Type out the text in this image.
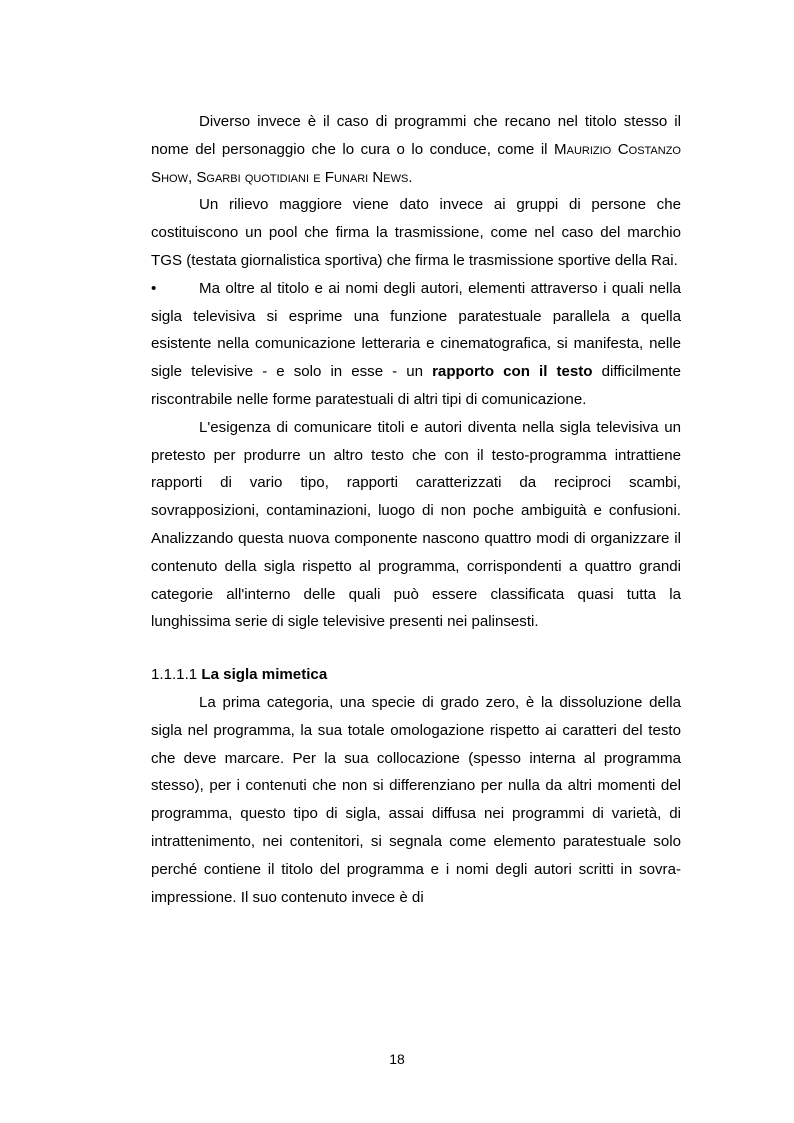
Diverso invece è il caso di programmi che recano nel titolo stesso il nome del personaggio che lo cura o lo conduce, come il Maurizio Costanzo Show, Sgarbi quotidiani e Funari News.

Un rilievo maggiore viene dato invece ai gruppi di persone che costituiscono un pool che firma la trasmissione, come nel caso del marchio TGS (testata giornalistica sportiva) che firma le trasmissione sportive della Rai.

•	Ma oltre al titolo e ai nomi degli autori, elementi attraverso i quali nella sigla televisiva si esprime una funzione paratestuale parallela a quella esistente nella comunicazione letteraria e cinematografica, si manifesta, nelle sigle televisive - e solo in esse - un rapporto con il testo difficilmente riscontrabile nelle forme paratestuali di altri tipi di comunicazione.

L'esigenza di comunicare titoli e autori diventa nella sigla televisiva un pretesto per produrre un altro testo che con il testo-programma intrattiene rapporti di vario tipo, rapporti caratterizzati da reciproci scambi, sovrapposizioni, contaminazioni, luogo di non poche ambiguità e confusioni. Analizzando questa nuova componente nascono quattro modi di organizzare il contenuto della sigla rispetto al programma, corrispondenti a quattro grandi categorie all'interno delle quali può essere classificata quasi tutta la lunghissima serie di sigle televisive presenti nei palinsesti.

1.1.1.1 La sigla mimetica

La prima categoria, una specie di grado zero, è la dissoluzione della sigla nel programma, la sua totale omologazione rispetto ai caratteri del testo che deve marcare. Per la sua collocazione (spesso interna al programma stesso), per i contenuti che non si differenziano per nulla da altri momenti del programma, questo tipo di sigla, assai diffusa nei programmi di varietà, di intrattenimento, nei contenitori, si segnala come elemento paratestuale solo perché contiene il titolo del programma e i nomi degli autori scritti in sovra-impressione. Il suo contenuto invece è di

18
